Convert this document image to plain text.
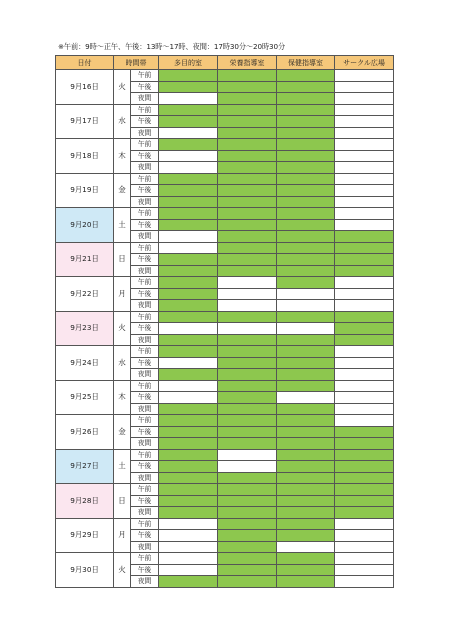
※午前：9時～正午、午後：13時～17時、夜間：17時30分～20時30分
日付	時間帯		多目的室	栄養指導室	保健指導室	サークル広場
9月16日	火	午前				
		午後				
		夜間				
9月17日	水	午前				
		午後				
		夜間				
9月18日	木	午前				
		午後				
		夜間				
9月19日	金	午前				
		午後				
		夜間				
9月20日	土	午前				
		午後				
		夜間				
9月21日	日	午前				
		午後				
		夜間				
9月22日	月	午前				
		午後				
		夜間				
9月23日	火	午前				
		午後				
		夜間				
9月24日	水	午前				
		午後				
		夜間				
9月25日	木	午前				
		午後				
		夜間				
9月26日	金	午前				
		午後				
		夜間				
9月27日	土	午前				
		午後				
		夜間				
9月28日	日	午前				
		午後				
		夜間				
9月29日	月	午前				
		午後				
		夜間				
9月30日	火	午前				
		午後				
		夜間				
